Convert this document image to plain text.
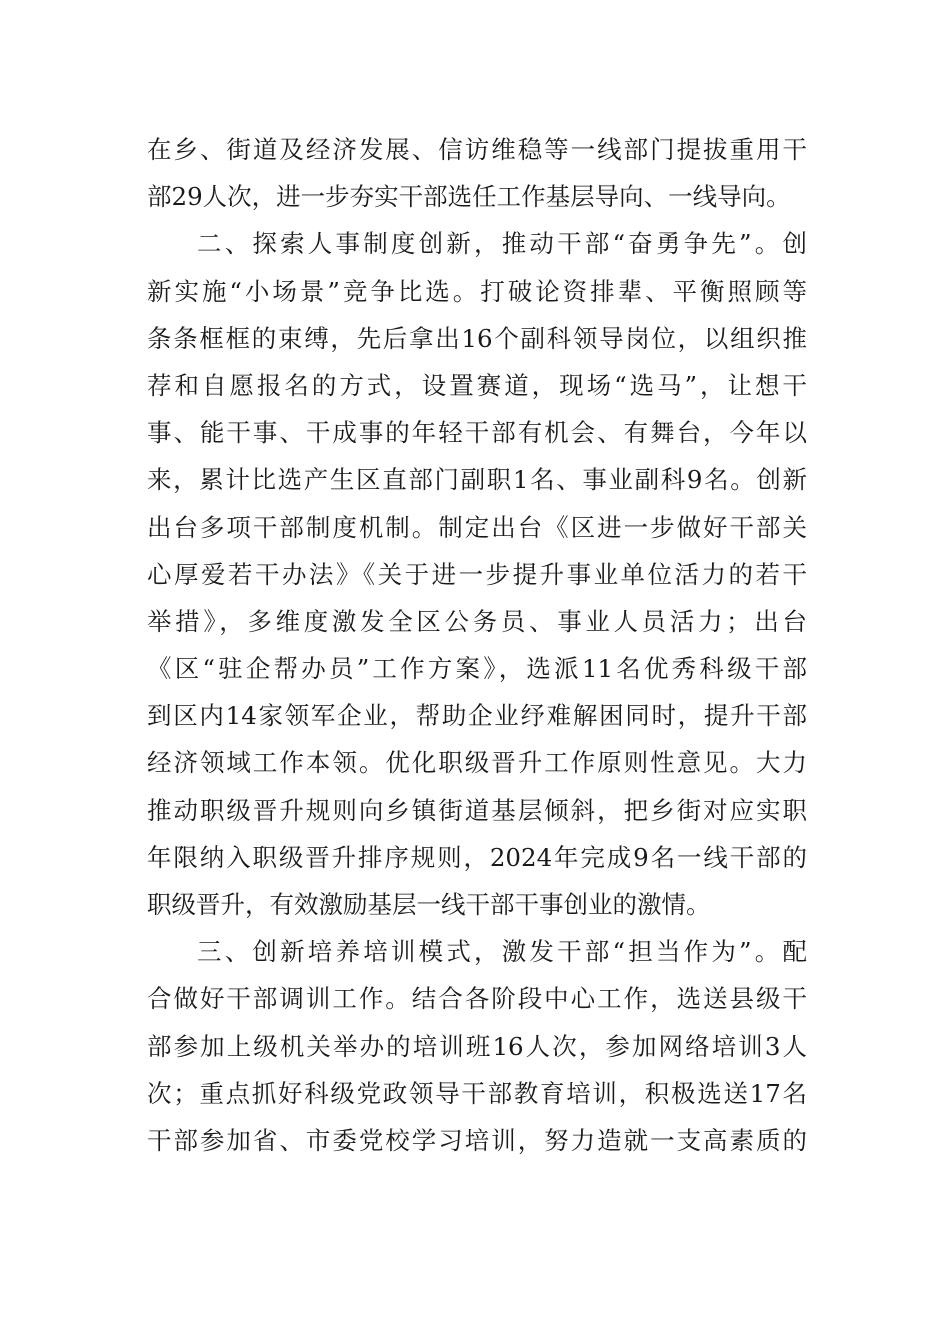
在乡、街道及经济发展、信访维稳等一线部门提拔重用干
部29人次，进一步夯实干部选任工作基层导向、一线导向。
二、探索人事制度创新，推动干部“奋勇争先”。创
新实施“小场景”竞争比选。打破论资排辈、平衡照顾等
条条框框的束缚，先后拿出16个副科领导岗位，以组织推
荐和自愿报名的方式，设置赛道，现场“选马”，让想干
事、能干事、干成事的年轻干部有机会、有舞台，今年以
来，累计比选产生区直部门副职1名、事业副科9名。创新
出台多项干部制度机制。制定出台《区进一步做好干部关
心厚爱若干办法》《关于进一步提升事业单位活力的若干
举措》，多维度激发全区公务员、事业人员活力；出台
《区“驻企帮办员”工作方案》，选派11名优秀科级干部
到区内14家领军企业，帮助企业纾难解困同时，提升干部
经济领域工作本领。优化职级晋升工作原则性意见。大力
推动职级晋升规则向乡镇街道基层倾斜，把乡街对应实职
年限纳入职级晋升排序规则，2024年完成9名一线干部的
职级晋升，有效激励基层一线干部干事创业的激情。
三、创新培养培训模式，激发干部“担当作为”。配
合做好干部调训工作。结合各阶段中心工作，选送县级干
部参加上级机关举办的培训班16人次，参加网络培训3人
次；重点抓好科级党政领导干部教育培训，积极选送17名
干部参加省、市委党校学习培训，努力造就一支高素质的
